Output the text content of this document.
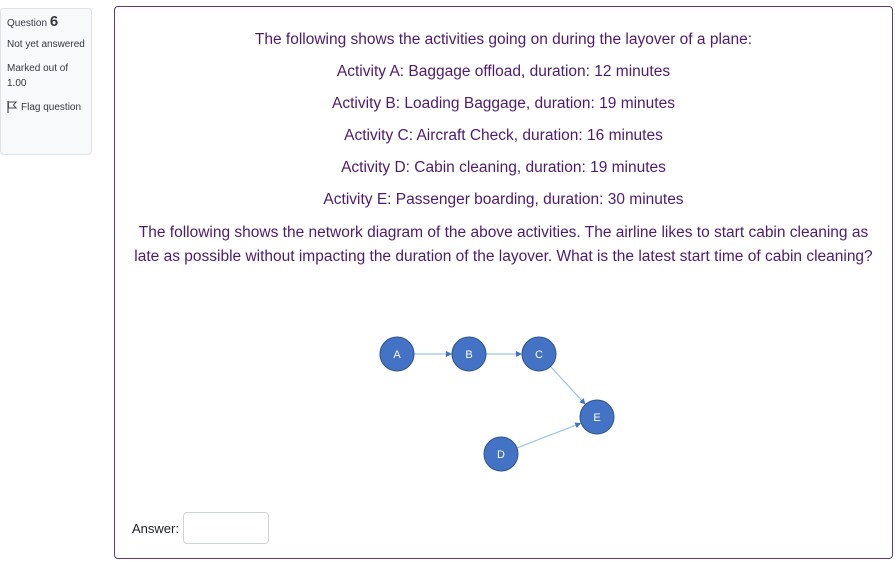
Question 6
Not yet answered
Marked out of 1.00
Flag question
The following shows the activities going on during the layover of a plane:
Activity A: Baggage offload, duration: 12 minutes
Activity B: Loading Baggage, duration: 19 minutes
Activity C: Aircraft Check, duration: 16 minutes
Activity D: Cabin cleaning, duration: 19 minutes
Activity E: Passenger boarding, duration: 30 minutes
The following shows the network diagram of the above activities. The airline likes to start cabin cleaning as late as possible without impacting the duration of the layover. What is the latest start time of cabin cleaning?
A	B	C
D
E
Answer:
